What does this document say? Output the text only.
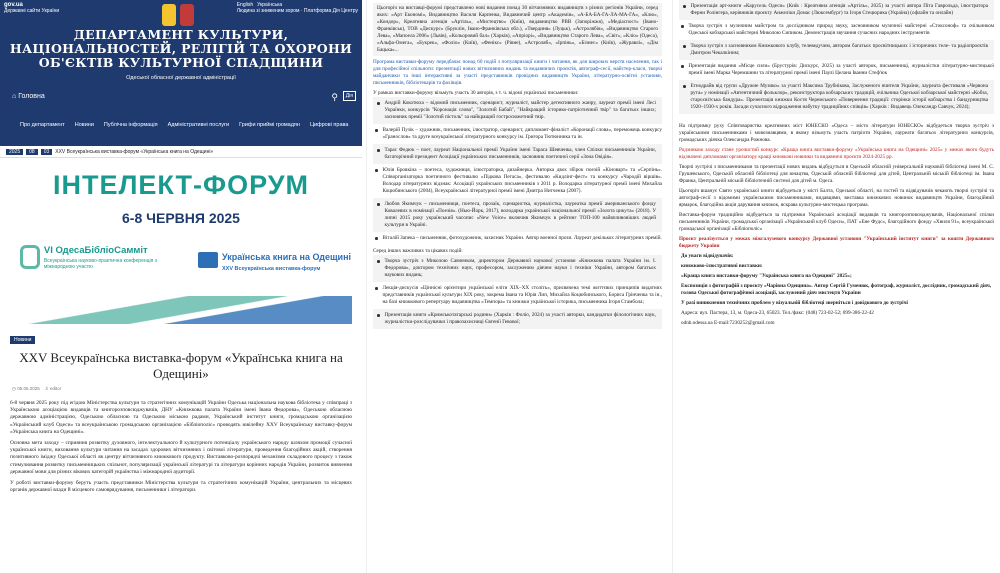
gov.ua
Державні сайти України
English Українська
Людина зі зниженим зором · Платформа Дія Центру
ДЕПАРТАМЕНТ КУЛЬТУРИ, НАЦІОНАЛЬНОСТЕЙ, РЕЛІГІЙ ТА ОХОРОНИ ОБ'ЄКТІВ КУЛЬТУРНОЇ СПАДЩИНИ
Одеської обласної державної адміністрації
⌂ Головна	⚲	Дія
Про департамент Новини Публічна інформація Адміністративні послуги Грифи приймі громадян Цифрові права
2025	08	03	XXV Всеукраїнська виставка-форум «Українська книга на Одещині»
ІНТЕЛЕКТ-ФОРУМ
6-8 ЧЕРВНЯ 2025
VI ОдесаБібліоСамміт
Всеукраїнська науково-практична конференція з міжнародною участю
Українська книга на Одещині
XXV Всеукраїнська виставка-форум
Новини
XXV Всеукраїнська виставка-форум «Українська книга на Одещині»
◷ 05.06.2025    ♙ editor

6-8 червня 2025 року під егідою Міністерства культури та стратегічних комунікацій України Одеська національна наукова бібліотека у співпраці з Українською асоціацією видавців та книгорозповсюджувачів, ДНУ «Книжкова палата України імені Івана Федорова», Одеською обласною державною адміністрацією, Одеською обласною та Одеською міською радами, Український інститут книги, громадською організацією «Український клуб Одеси» та всеукраїнською громадською організацією «Бібліополіс» проводять ювілейну XXV Всеукраїнську виставку-форум «Українська книга на Одещині».

Основна мета заходу – сприяння розвитку духовного, інтелектуального й культурного потенціалу українського народу шляхом промоції сучасної української книги, виховання культури читання на засадах здорових вітчизняних і світової літератури, проведення благодійних акцій, створення позитивного іміджу Одеської області як центру вітчизняного книжкового продукту. Виставково-розпорядчі механізми складового процесу з також стимулювання розвитку письменницьких спільнот, популяризації українськії літературі та літератури корінних народів України, розвиток вивчення державної мови для різних вікових категорій українства і міжнародної аудиторії.

У роботі виставки-форуму беруть участь представники Міністерства культури та стратегічних комунікацій України, центральних та місцевих органів державної влади й місцевого самоврядування, письменники і літератори.

Цьогоріч на виставці-форумі представлено нові видання понад 30 вітчизняних видавництв з різних регіонів України, серед яких: «Арт Економі», Видавництво Василя Карпенка, Видавничий центр «Академія», «А-БА-БА-ГА-ЛА-МА-ГА», «Клю», «Кондор», Креативна агенція «Артіль», «Мистецтво» (Київ), видавництво РВВ (Запоріжжя), «Медіаспост» (Івано-Франківськ), ТОВ «Дискурс» (Бруклін, Івано-Франківська обл.), «Твердиня» (Луцьк), «Астролябія», «Видавництво Старого Лева», «Мапоела 2006» (Львів), «Кольоровий бал» (Харків), «Апріорі», «Видавництво Старого Лева», «Світ», «Кліо» (Одеса), «Альфа-Омега», «Букрек», «Фоліо» (Київ), «Фенікс» (Рівне), «Астроляб», «Ірпінь», «Бізнес» (Київ), «Журавлі», «Дім Бацька»...

Програма виставки-форуму передбачає понад 60 подій з популяризації книги і читання, як для широких верств населення, так і для професійної спільноти: презентації нових вітчизняних видань та видавничих проєктів, автограф-сесії, майстер-класи, творчі майданчики та інші інтерактивні за участі представників провідних видавництв України, літературно-освітні установи, письменників, бібліотекарів та фахівців.

У рамках виставки-форуму візьмуть участь 30 авторів, з т. ч. відомі українські письменники:

Андрій Кокотюха – відомий письменник, сценарист, журналіст, майстер детективного жанру, лауреат премії імені Лесі Українки, конкурсів "Коронація слова", "Золотий Бабай", "Найкращий історико-патріотичний твір" та багатьох інших; засновник премії "Золотий пістоль" за найкращий гостросюжетний твір.
Валерій Пузік – художник, письменник, ілюстратор, сценарист, дипломант-фіналіст «Коронації слова», переможець конкурсу «Гранослов» та друге всеукраїнської літературного конкурсу ім. Григора Тютюнника та ін.
Тарас Федюк – поет, лауреат Національної премії України імені Тараса Шевченка, член Спілки письменників України, багаторічний президент Асоціації українських письменників, засновник поетичної серії «Зона Овідія».
Юлія Бровкіна – поетеса, художниця, ілюстраторка, дизайнерка. Авторка двох збірок поезій «Кіноварт» та «Серпінь». Співорганізаторка поетичного фестивалю «Підкова Пегаса», фестивалю «Кидлінг-фест» та конкурсу «Чародій віршів». Володар літературних відзнак: Асоціації українських письменників з 2011 р. Володарка літературної премії імені Михайла Коцюбинського (2004), Всеукраїнської літературної премії імені Дмитра Нитченка (2007).
Любов Якимчук – письменниця, поетеса, прозаїк, сценаристка, журналістка, лауреатка премії американського фонду Ковалевих в номінації «Поезія». (Нью-Йорк, 2017), володарка української національної премії «Золота цикута» (2018). У липні 2015 року український часопис «New Voice» включив Якимчук в рейтинг ТОП-100 найвпливовіших людей культури в Україні.
Віталій Запека – письменник, фотохудожник, захисник України. Автор военної прози. Лауреат декількох літературних премій.

Серед інших важливих та цікавих подій:

Творча зустріч з Миколою Савченком, директором Державної наукової установи «Книжкова палата України ім. І. Федорова», доктором технічних наук, професором, заслуженим діячем науки і техніки України, автором багатьох наукових видань;
Лекція-дискусія «Ціннісні орієнтири української еліти XIX–XX століть», присвячена темі життєвих принципів видатних представників української культури XIX року, зокрема Івана та Юрія Лип, Михайла Коцюбинського, Бориса Грінченка та ін., на базі книжкового репертуару видавництва «Темпора» та книжки української історика, письменника Ігоря Стамбола;
Презентація книги «Кримськотатарські родини» (Харків : Фоліо, 2024) за участі авторки, кандидатки філологічних наук, журналістки-розслідувачки і правозахисниці Євгенії Гевової;
Презентація арт-книги «Карусель Одеси» (Київ : Креативна агенція «Артіль», 2025) за участі автора Піта Гаврольда, ілюстратора Ферни Ролінгера, керівників проєкту Анжеліки Домас (Люксембург) та Ігоря Стецюрика (Україна) (офлайн та онлайн)
Творча зустріч з музичним майстром та дослідником природ звуку, засновником музичної майстерні «Стоксоноф» та очільником Одеської кобзарської майстерні Миколою Сипиком. Демонстрація звучання сучасних народних інструментів
Творча зустріч з засновником Книжкового клубу, телеведучим, автором багатьох просвітницьких і історичних теле- та радіопроєктів Дмитром Чекалкіним;
Презентація видання «Місце сили» (Брустурів: Дискурс, 2025) за участі авторок, письменниці, журналістки літературно-мистецької премії імені Марка Черемшини та літературної премії імені Паулі Целана Іванни Стеф'юк
Етнодрайв від групи «Дружне Музико» за участі Максима Трубнікова, Заслуженого вчителя України, лауреата фестиваля «Червона рута» у номінації «Автентичний фольклор», реконструктора кобзарських традицій, очільника Одеської кобзарської майстерні «Кобза, старосвітська бандура». Презентація книжки Костя Черемського «Повернення традиції: сторінки історії кобзарства і бандурництва 1920–1930-х років. Засади сучасного відродження набутку традиційних співців» (Харків : Видавець Олександр Савчук, 2024);

На підтримку руху Співтовариства креативних міст ЮНЕСКО «Одеса – місто літератури ЮНЕСКО» відбудеться творча зустріч з українськими письменниками і мовознавцями, в якому візьмуть участь патріоти України, лауреати багатьох літературних конкурсів, громадських діячка Олександра Рожнова.

Родзинкою заходу стане урочистий конкурс «Краща книга виставки-форуму «Українська книга на Одещині» 2025» у межах якого будуть відзначені дипломами організатору кращі книжкові новинки та видавничі проєкти 2024-2025 рр.

Творчі зустрічі з письменниками та презентації нових видань відбудуться в Одеській обласній універсальній науковій бібліотеці імені М. С. Грушевського, Одеській обласній бібліотеці для юнацтва, Одеській обласній бібліотеці для дітей, Центральній міській бібліотеці ім. Івана Франка, Центральній міській бібліотечній системі для дітей м. Одеса.

Цьогоріч вшанує Свято української книги відбудеться у місті Балта, Одеської області, на гостей та відвідувачів чекають творчі зустрічі та автограф-сесії з відомими українськими письменниками, видавцями, виставка книжкових новинок видавництв України, благодійний ярмарок, благодійна акція дарування книжок, яскрава культурно-мистецька програма.

Виставка-форум традиційно відбудеться за підтримки Української асоціації видавців та книгорозповсюджувачів, Національної спілки письменників України, громадської організації «Український клуб Одеси», ПАТ «Ене Фудс», благодійного фонду «Хвиля 91», всеукраїнської громадської організації «Бібліополіс»

Проєкт реалізується у межах міжгалузевого конкурсу Державної установи "Український інститут книги" за кошти Державного бюджету України

До уваги відвідувачів:

книжково-ілюстративні виставки:

«Краща книга виставки-форуму "Українська книга на Одещині" 2025»;

Експозиція з фотографій з проєкту «Чарівна Одещина». Автор Сергій Гуменюк, фотограф, журналіст, дослідник, громадський діяч, голова Одеської фотографічної асоціації, заслужений діяч мистецтв України

У разі виникнення технічних проблем у візуальній бібліотеці зверніться і довідкового до зустрічі

Адреса: вул. Пастера, 13, м. Одеса-23, 65023. Тел./факс: (048) 723-02-52; 099-386-22-42

odnb.odessa.ua E-mail:7230252@gmail.com
